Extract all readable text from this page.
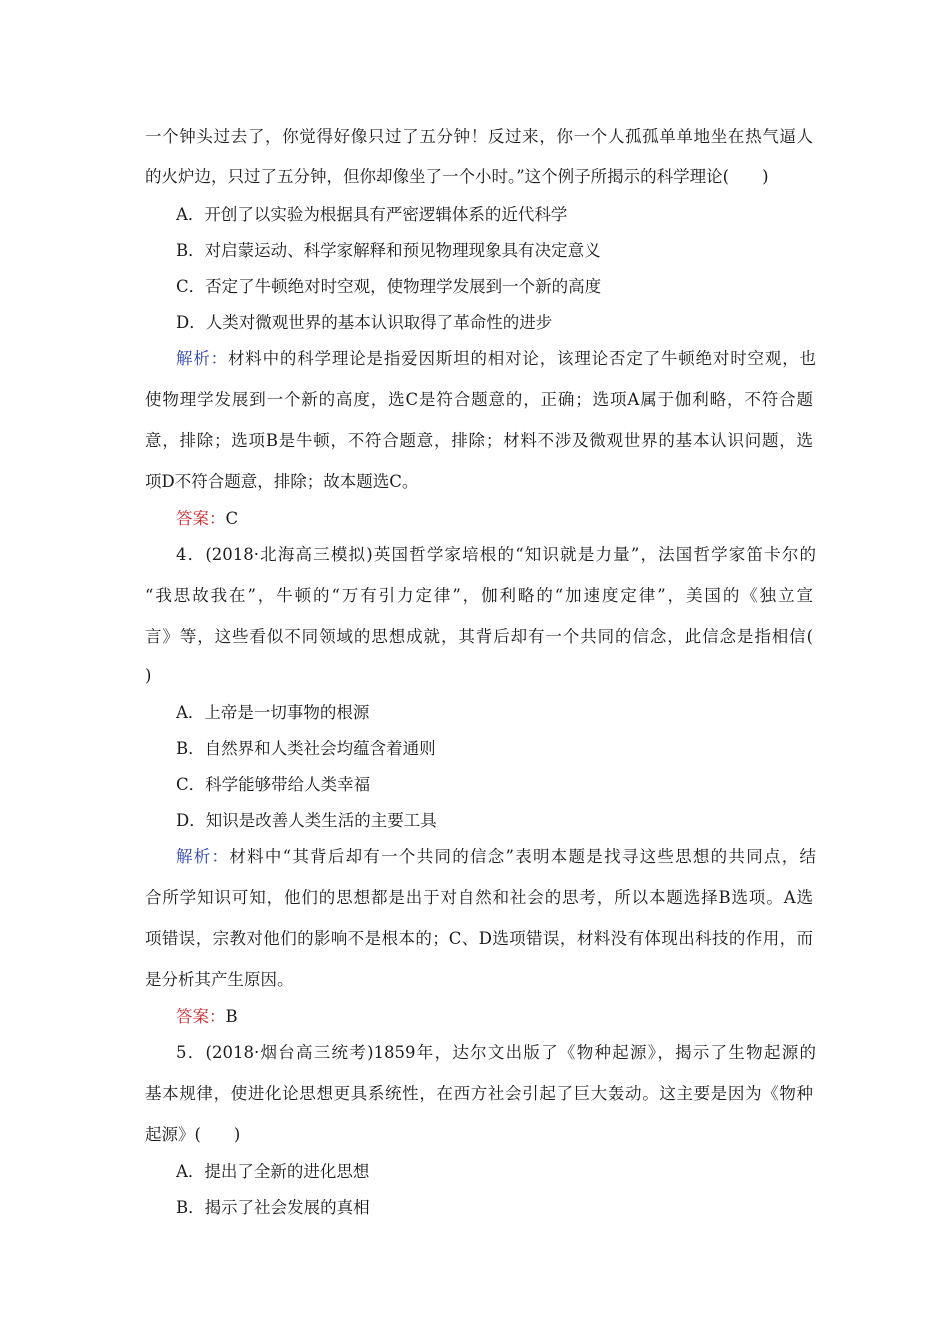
一个钟头过去了，你觉得好像只过了五分钟！反过来，你一个人孤孤单单地坐在热气逼人
的火炉边，只过了五分钟，但你却像坐了一个小时。”这个例子所揭示的科学理论(　　)
A．开创了以实验为根据具有严密逻辑体系的近代科学
B．对启蒙运动、科学家解释和预见物理现象具有决定意义
C．否定了牛顿绝对时空观，使物理学发展到一个新的高度
D．人类对微观世界的基本认识取得了革命性的进步
解析：材料中的科学理论是指爱因斯坦的相对论，该理论否定了牛顿绝对时空观，也
使物理学发展到一个新的高度，选C是符合题意的，正确；选项A属于伽利略，不符合题
意，排除；选项B是牛顿，不符合题意，排除；材料不涉及微观世界的基本认识问题，选
项D不符合题意，排除；故本题选C。
答案：C
4．(2018·北海高三模拟)英国哲学家培根的“知识就是力量”，法国哲学家笛卡尔的
“我思故我在”，牛顿的“万有引力定律”，伽利略的“加速度定律”，美国的《独立宣
言》等，这些看似不同领域的思想成就，其背后却有一个共同的信念，此信念是指相信(
)
A．上帝是一切事物的根源
B．自然界和人类社会均蕴含着通则
C．科学能够带给人类幸福
D．知识是改善人类生活的主要工具
解析：材料中“其背后却有一个共同的信念”表明本题是找寻这些思想的共同点，结
合所学知识可知，他们的思想都是出于对自然和社会的思考，所以本题选择B选项。A选
项错误，宗教对他们的影响不是根本的；C、D选项错误，材料没有体现出科技的作用，而
是分析其产生原因。
答案：B
5．(2018·烟台高三统考)1859年，达尔文出版了《物种起源》，揭示了生物起源的
基本规律，使进化论思想更具系统性，在西方社会引起了巨大轰动。这主要是因为《物种
起源》(　　)
A．提出了全新的进化思想
B．揭示了社会发展的真相
